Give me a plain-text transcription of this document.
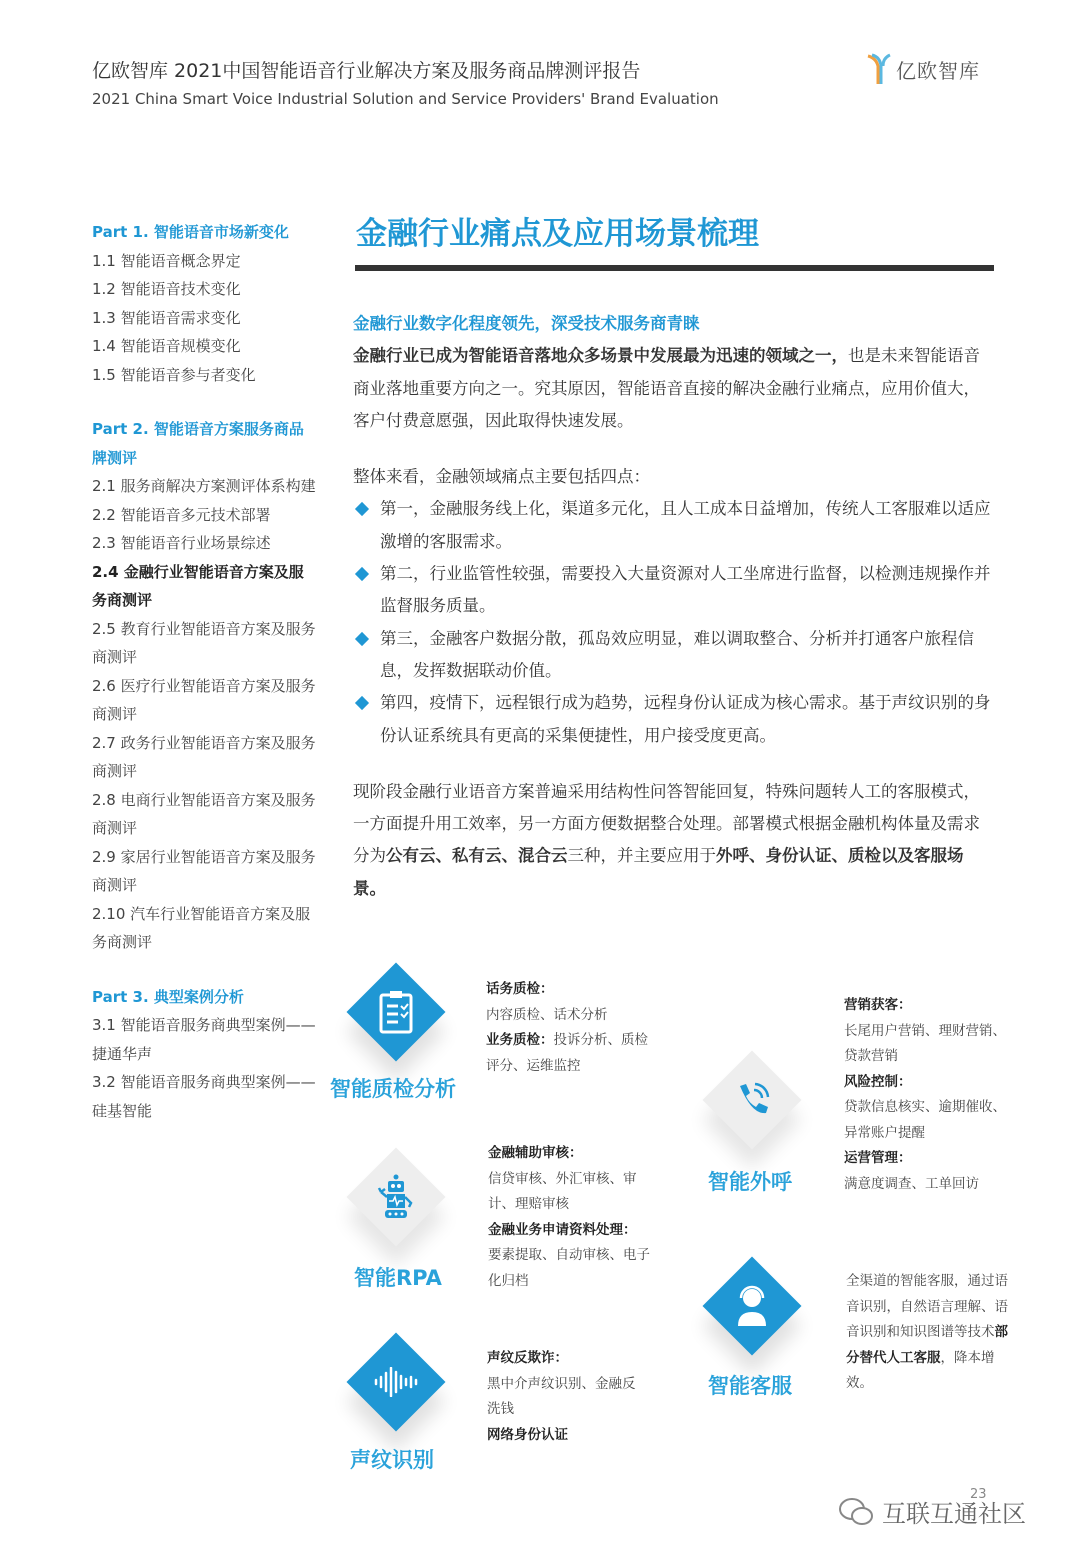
亿欧智库 2021中国智能语音行业解决方案及服务商品牌测评报告
2021 China Smart Voice Industrial Solution and Service Providers' Brand Evaluation
亿欧智库
Part 1. 智能语音市场新变化
1.1 智能语音概念界定
1.2 智能语音技术变化
1.3 智能语音需求变化
1.4 智能语音规模变化
1.5 智能语音参与者变化
Part 2. 智能语音方案服务商品牌测评
2.1 服务商解决方案测评体系构建
2.2 智能语音多元技术部署
2.3 智能语音行业场景综述
2.4 金融行业智能语音方案及服务商测评
2.5 教育行业智能语音方案及服务商测评
2.6 医疗行业智能语音方案及服务商测评
2.7 政务行业智能语音方案及服务商测评
2.8 电商行业智能语音方案及服务商测评
2.9 家居行业智能语音方案及服务商测评
2.10 汽车行业智能语音方案及服务商测评
Part 3. 典型案例分析
3.1 智能语音服务商典型案例——捷通华声
3.2 智能语音服务商典型案例——硅基智能
金融行业痛点及应用场景梳理
金融行业数字化程度领先，深受技术服务商青睐

金融行业已成为智能语音落地众多场景中发展最为迅速的领域之一，也是未来智能语音商业落地重要方向之一。究其原因，智能语音直接的解决金融行业痛点，应用价值大，客户付费意愿强，因此取得快速发展。

整体来看，金融领域痛点主要包括四点：

第一，金融服务线上化，渠道多元化，且人工成本日益增加，传统人工客服难以适应激增的客服需求。

第二，行业监管性较强，需要投入大量资源对人工坐席进行监督，以检测违规操作并监督服务质量。

第三，金融客户数据分散，孤岛效应明显，难以调取整合、分析并打通客户旅程信息，发挥数据联动价值。

第四，疫情下，远程银行成为趋势，远程身份认证成为核心需求。基于声纹识别的身份认证系统具有更高的采集便捷性，用户接受度更高。

现阶段金融行业语音方案普遍采用结构性问答智能回复，特殊问题转人工的客服模式，一方面提升用工效率，另一方面方便数据整合处理。部署模式根据金融机构体量及需求分为公有云、私有云、混合云三种，并主要应用于外呼、身份认证、质检以及客服场景。

智能质检分析
话务质检：
内容质检、话术分析
业务质检：投诉分析、质检评分、运维监控
智能RPA
金融辅助审核：
信贷审核、外汇审核、审计、理赔审核
金融业务申请资料处理：
要素提取、自动审核、电子化归档
声纹识别
声纹反欺诈：
黑中介声纹识别、金融反洗钱
网络身份认证
智能外呼
营销获客：
长尾用户营销、理财营销、贷款营销
风险控制：
贷款信息核实、逾期催收、异常账户提醒
运营管理：
满意度调查、工单回访
智能客服
全渠道的智能客服，通过语音识别，自然语言理解、语音识别和知识图谱等技术部分替代人工客服，降本增效。
23
互联互通社区
